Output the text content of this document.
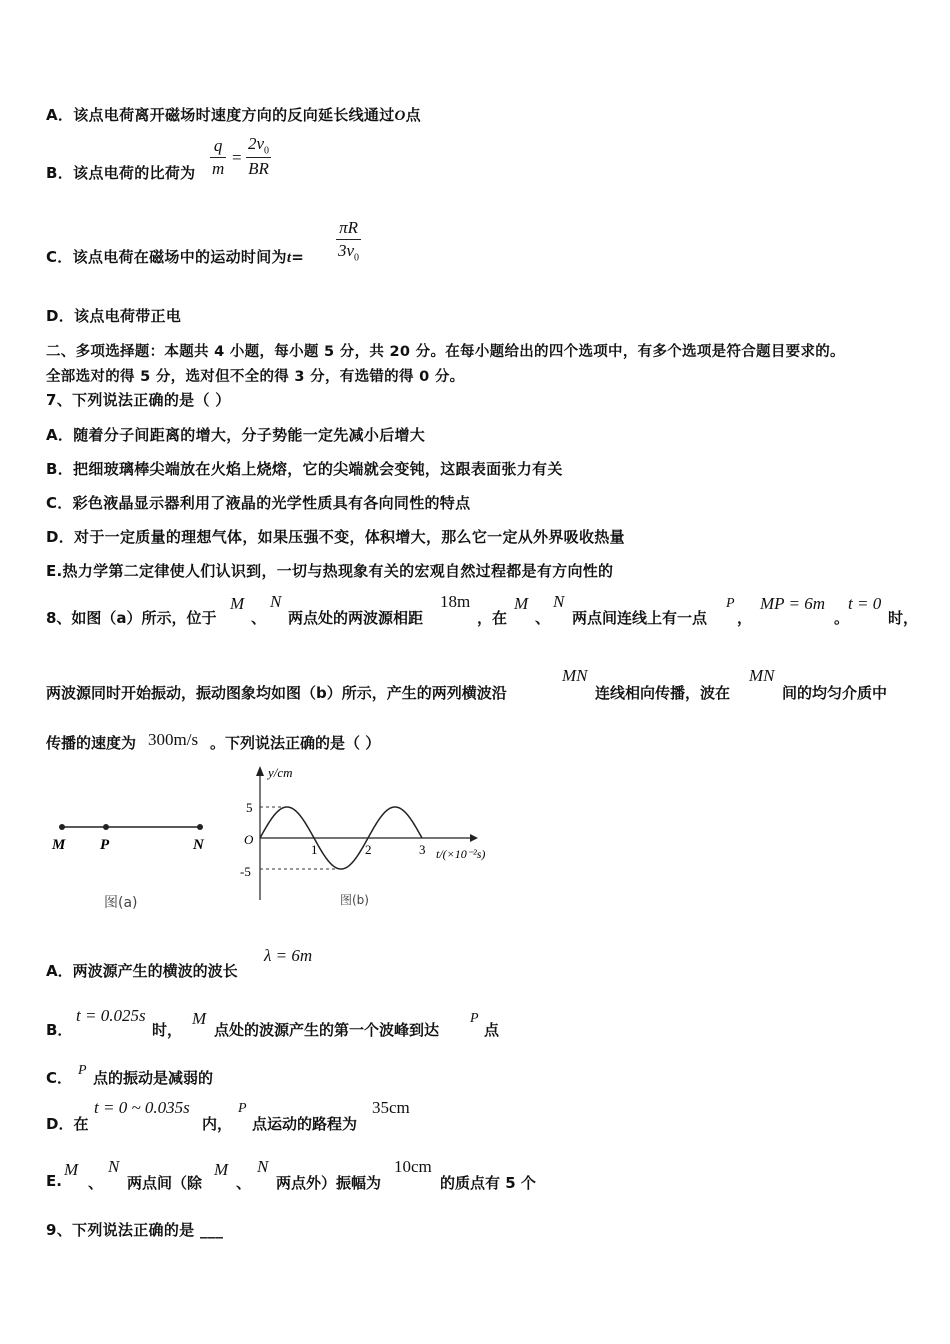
A．该点电荷离开磁场时速度方向的反向延长线通过O点
B．该点电荷的比荷为
q
m
=
$2v_0$
BR
C．该点电荷在磁场中的运动时间为t=
πR
$3v_0$
D．该点电荷带正电
二、多项选择题：本题共 4 小题，每小题 5 分，共 20 分。在每小题给出的四个选项中，有多个选项是符合题目要求的。
全部选对的得 5 分，选对但不全的得 3 分，有选错的得 0 分。
7、下列说法正确的是（ ）
A．随着分子间距离的增大，分子势能一定先减小后增大
B．把细玻璃棒尖端放在火焰上烧熔，它的尖端就会变钝，这跟表面张力有关
C．彩色液晶显示器利用了液晶的光学性质具有各向同性的特点
D．对于一定质量的理想气体，如果压强不变，体积增大，那么它一定从外界吸收热量
E.热力学第二定律使人们认识到，一切与热现象有关的宏观自然过程都是有方向性的
8、如图（a）所示，位于
M
、
N
两点处的两波源相距
18m
，在
M
、
N
两点间连线上有一点
P
，
MP = 6m
。
t = 0
时，
两波源同时开始振动，振动图象均如图（b）所示，产生的两列横波沿
MN
连线相向传播，波在
MN
间的均匀介质中
传播的速度为 300m/s 。下列说法正确的是（ ）
M P	N
图(a)
y/cm
t/(×10⁻²s)
O
5
-5
1	2	3
图(b)
A．两波源产生的横波的波长
λ = 6m
B．
t = 0.025s
时，
M
点处的波源产生的第一个波峰到达
P
点
C． P 点的振动是减弱的
D．在
t = 0 ~ 0.035s
内，
P
点运动的路程为
35cm
E.
M
、
N
两点间（除
M
、
N
两点外）振幅为
10cm
的质点有 5 个
9、下列说法正确的是 ___
